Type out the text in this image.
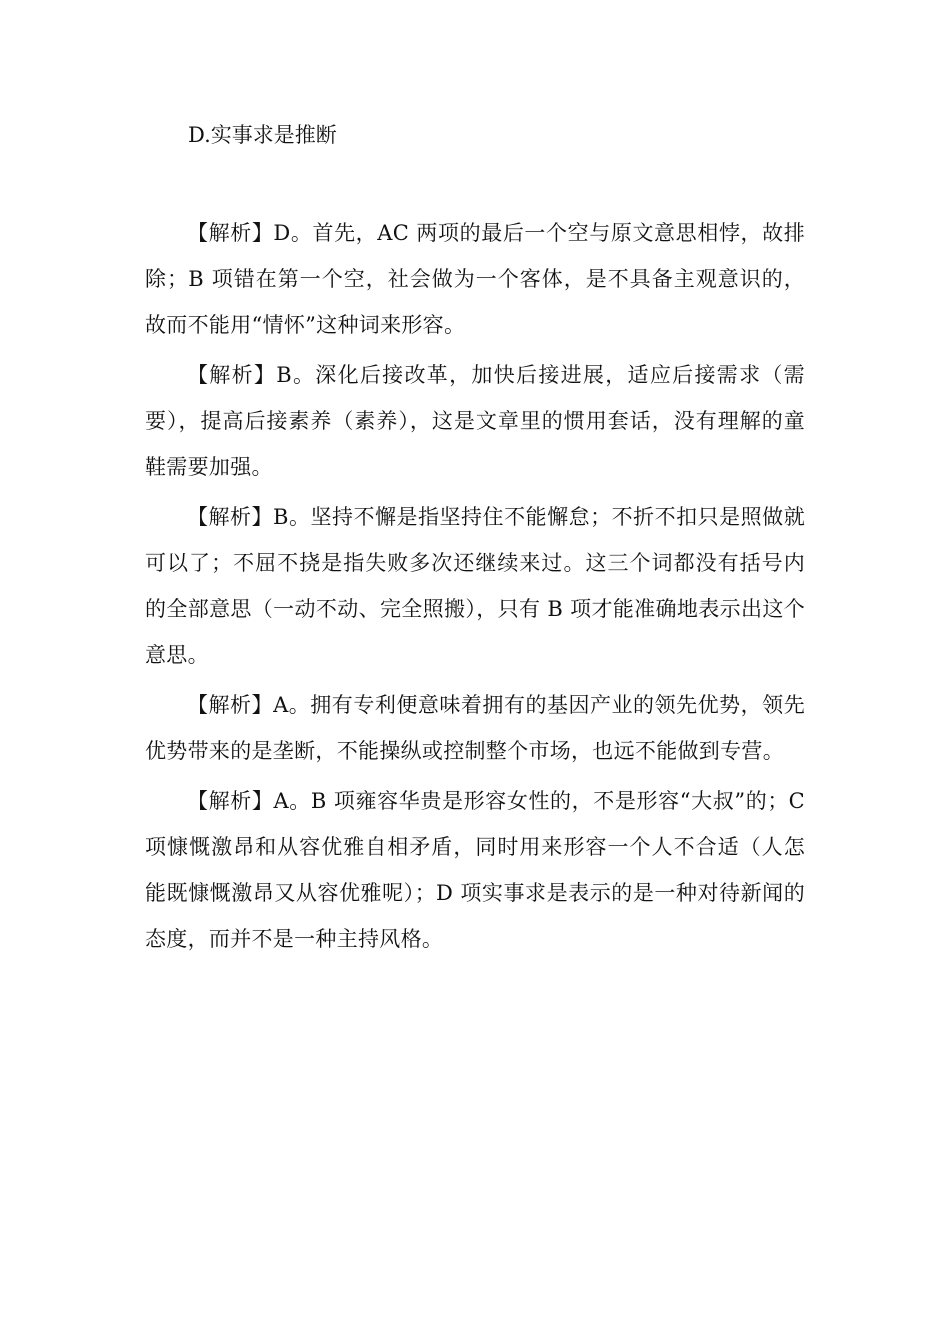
D.实事求是推断

【解析】D。首先，AC 两项的最后一个空与原文意思相悖，故排除；B 项错在第一个空，社会做为一个客体，是不具备主观意识的，故而不能用“情怀”这种词来形容。

【解析】B。深化后接改革，加快后接进展，适应后接需求（需要），提高后接素养（素养），这是文章里的惯用套话，没有理解的童鞋需要加强。

【解析】B。坚持不懈是指坚持住不能懈怠；不折不扣只是照做就可以了；不屈不挠是指失败多次还继续来过。这三个词都没有括号内的全部意思（一动不动、完全照搬），只有 B 项才能准确地表示出这个意思。

【解析】A。拥有专利便意味着拥有的基因产业的领先优势，领先优势带来的是垄断，不能操纵或控制整个市场，也远不能做到专营。

【解析】A。B 项雍容华贵是形容女性的，不是形容“大叔”的；C 项慷慨激昂和从容优雅自相矛盾，同时用来形容一个人不合适（人怎能既慷慨激昂又从容优雅呢）；D 项实事求是表示的是一种对待新闻的态度，而并不是一种主持风格。
